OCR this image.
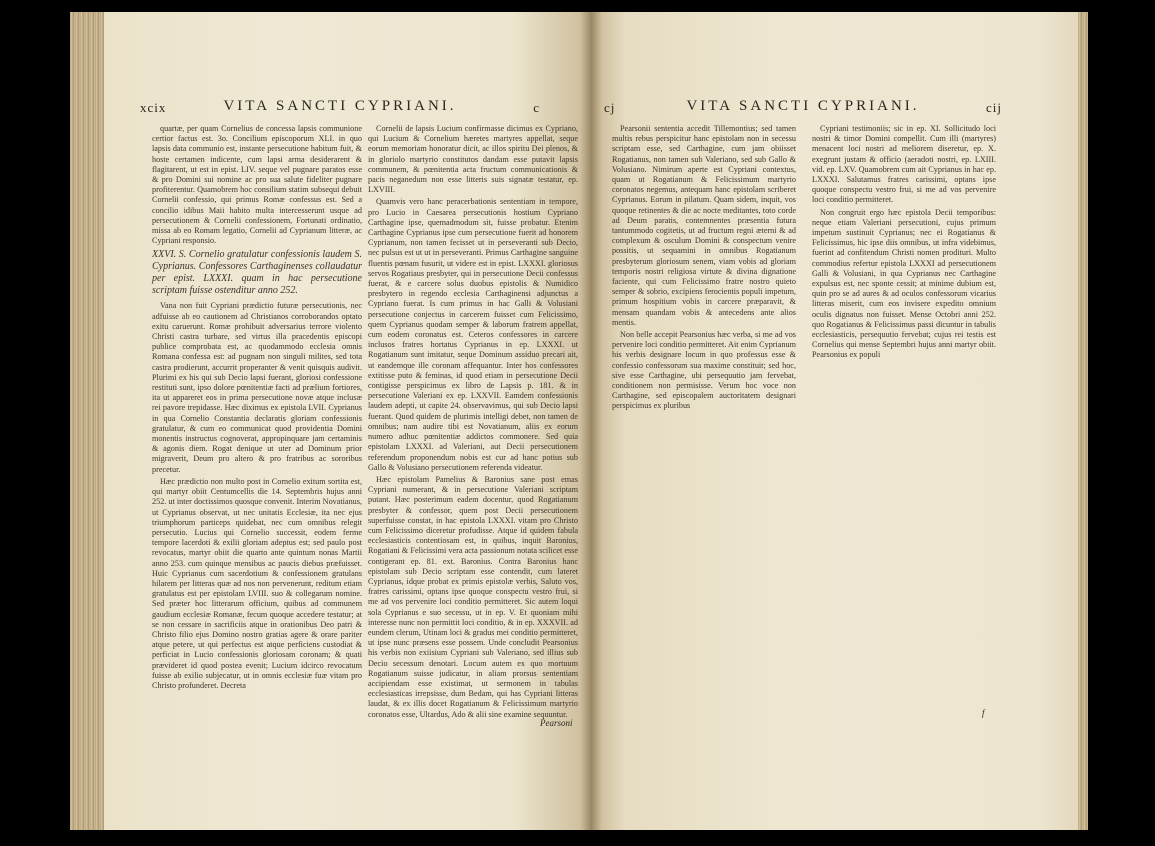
xcix	VITA SANCTI CYPRIANI.	c

quartæ, per quam Cornelius de concessa lapsis communione certior factus est. 3o. Concilium episcoporum XLI. in quo lapsis data communio est, instante persecutione habitum fuit, & hoste certamen indicente, cum lapsi arma desiderarent & flagitarent, ut est in epist. LIV. seque vel pugnare paratos esse & pro Domini sui nomine ac pro sua salute fideliter pugnare profiterentur. Quamobrem hoc consilium statim subsequi debuit Cornelii confessio, qui primus Romæ confessus est. Sed a concilio idibus Maii habito multa intercesserunt usque ad persecutionem & Cornelii confessionem, Fortunati ordinatio, missa ab eo Romam legatio, Cornelii ad Cyprianum litteræ, ac Cypriani responsio.

XXVI. S. Cornelio gratulatur confessionis laudem S. Cyprianus. Confessores Carthaginenses collaudatur per epist. LXXXI. quam in hac persecutione scriptam fuisse ostenditur anno 252.

Vana non fuit Cypriani prædictio futuræ persecutionis, nec adfuisse ab eo cautionem ad Christianos corroborandos optato exitu caruerunt. Romæ prohibuit adversarius terrore violento Christi castra turbare, sed virtus illa pracedentis episcopi publice comprobata est, ac quodammodo ecclesia omnis Romana confessa est: ad pugnam non singuli milites, sed tota castra prodierunt, accurrit properanter & venit quisquis audivit. Plurimi ex his qui sub Decio lapsi fuerant, gloriosi confessione restituti sunt, ipso dolore pœnitentiæ facti ad prælium fortiores, ita ut appareret eos in prima persecutione novæ atque inclusæ rei pavore trepidasse. Hæc diximus ex epistola LVII. Cyprianus in qua Cornelio Constantia declaratis gloriam confessionis gratulatur, & cum eo communicat quod providentia Domini monentis instructus cognoverat, appropinquare jam certaminis & agonis diem. Rogat denique ut uter ad Dominum prior migraverit, Deum pro altero & pro fratribus ac sororibus precetur.

Hæc prædictio non multo post in Cornelio exitum sortita est, qui martyr obiit Centumcellis die 14. Septembris hujus anni 252. ut inter doctissimos quosque convenit. Interim Novatianus, ut Cyprianus observat, ut nec unitatis Ecclesiæ, ita nec ejus triumphorum particeps quidebat, nec cum omnibus relegit persecutio. Lucius qui Cornelio successit, eodem ferme tempore lacerdoti & exilii gloriam adeptus est; sed paulo post revocatus, martyr obiit die quarto ante quintum nonas Martii anno 253. cum quinque mensibus ac paucis diebus præfuisset. Huic Cyprianus cum sacerdotium & confessionem gratulans hilarem per litteras quæ ad nos non pervenerunt, reditum etiam gratulatus est per epistolam LVIII. suo & collegarum nomine. Sed præter hoc litterarum officium, quibus ad communem gaudium ecclesiæ Romanæ, fecum quoque accedere testatur; at se non cessare in sacrificiis atque in orationibus Deo patri & Christo filio ejus Domino nostro gratias agere & orare pariter atque petere, ut qui perfectus est atque perficiens custodiat & perficiat in Lucio confessionis gloriosam coronam; & quati prævideret id quod postea evenit; Lucium idcirco revocatum fuisse ab exilio subjecatur, ut in omnis ecclesiæ fuæ vitam pro Christo profunderet. Decreta

Cornelii de lapsis Lucium confirmasse dicimus ex Cypriano, qui Lucium & Cornelium hæretes martyres appellat, seque eorum memoriam honoratur dicit, ac illos spiritu Dei plenos, & in gloriolo martyrio constitutos dandam esse putavit lapsis communem, & pœnitentia acta fructum communicationis & pacis neganedum non esse litteris suis signatæ testatur, ep. LXVIII.

Quamvis vero hanc peracerbationis sententiam in tempore, pro Lucio in Caesarea persecutionis hostium Cypriano Carthagine ipse, quemadmodum sit, fuisse probatur. Etenim Carthagine Cyprianus ipse cum persecutione fuerit ad honorem Cyprianum, non tamen fecisset ut in perseveranti sub Decio, nec pulsus est ut ut in perseveranti. Primus Carthagine sanguine fluentis pœnam fusurit, ut videre est in epist. LXXXI. gloriosus servos Rogatiaus presbyter, qui in persecutione Decii confessus fuerat, & e carcere solus duobus epistolis & Numidico presbytero in regendo ecclesia Carthaginensi adjunctus a Cypriano fuerat. Is cum primus in hac Galli & Volusiani persecutione conjectus in carcerem fuisset cum Felicissimo, quem Cyprianus quodam semper & laborum fratrem appellat, cum eodem coronatus est. Ceteros confessores in carcere inclusos fratres hortatus Cyprianus in ep. LXXXI. ut Rogatianum sunt imitatur, seque Dominum assiduo precari ait, ut eandemque ille coronam affequantur. Inter hos confessores extitisse puto & feminas, id quod etiam in persecutione Decii contigisse perspicimus ex libro de Lapsis p. 181. & in persecutione Valeriani ex ep. LXXVII. Eamdem confessionis laudem adepti, ut capite 24. observavimus, qui sub Decio lapsi fuerant. Quod quidem de plurimis intelligi debet, non tamen de omnibus; nam audire tibi est Novatianum, aliis ex eorum numero adhuc pœnitentiæ addictos commonere. Sed quia epistolam LXXXI. ad Valeriani, aut Decii persecutionem referendum proponendum nobis est cur ad hanc potius sub Gallo & Volusiano persecutionem referenda videatur.

Hæc epistolam Pamelius & Baronius sane post emas Cypriani numerant, & in persecutione Valeriani scriptam putant. Hæc posterimum eadem docentur, quod Rogatianum presbyter & confessor, quem post Decii persecutionem superfuisse constat, in hac epistola LXXXI. vitam pro Christo cum Felicissimo diceretur profudisse. Atque id quidem fabula ecclesiasticis contentiosam est, in quibus, inquit Baronius, Rogatiani & Felicissimi vera acta passionum notata scilicet esse contigerant ep. 81. ext. Baronius. Contra Baronius hanc epistolam sub Decio scriptam esse contendit, cum lateret Cyprianus, idque probat ex primis epistolæ verbis, Saluto vos, fratres carissimi, optans ipse quoque conspectu vestro frui, si me ad vos pervenire loci conditio permitteret. Sic autem loqui sola Cyprianus e suo secessu, ut in ep. V. Et quoniam mihi interesse nunc non permittit loci conditio, & in ep. XXXVII. ad eundem clerum, Utinam loci & gradus mei conditio permitteret, ut ipse nunc præsens esse possem. Unde concludit Pearsonius his verbis non exiisium Cypriani sub Valeriano, sed illius sub Decio secessum denotari. Locum autem ex quo mortuum Rogatianum suisse judicatur, in aliam prorsus sententiam accipiendam esse existimat, ut sermonem in tabulas ecclesiasticas irrepsisse, dum Bedam, qui has Cypriani litteras laudat, & ex illis docet Rogatianum & Felicissimum martyrio coronatos esse, Ultardus, Ado & alii sine examine sequuntur.

Pearsoni
cj	VITA SANCTI CYPRIANI.	cij

Pearsonii sententia accedit Tillemontius; sed tamen multis rebus perspicitur hanc epistolam non in secessu scriptam esse, sed Carthagine, cum jam obiisset Rogatianus, non tamen sub Valeriano, sed sub Gallo & Volusiano. Nimirum aperte est Cypriani contextus, quam ut Rogatianum & Felicissimum martyrio coronatos negemus, antequam hanc epistolam scriberet Cyprianus. Eorum in pilatum. Quam sidem, inquit, vos quoque retinentes & die ac nocte meditantes, toto corde ad Deum paratis, contemnentes præsentia futura tantummodo cogitetis, ut ad fructum regni æterni & ad complexum & osculum Domini & conspectum venire possitis, ut sequamini in omnibus Rogatianum presbyterum gloriosum senem, viam vobis ad gloriam temporis nostri religiosa virtute & divina dignatione faciente, qui cum Felicissimo fratre nostro quieto semper & sobrio, excipiens ferocientis populi impetum, primum hospitium vobis in carcere præparavit, & mensam quandam vobis & antecedens ante alios mentis.

Non belle accepit Pearsonius hæc verba, si me ad vos pervenire loci conditio permitteret. Ait enim Cyprianum his verbis designare locum in quo professus esse & confessio confessorum sua maxime constituit; sed hoc, sive esse Carthagine, ubi persequutio jam fervebat, conditionem non permisisse. Verum hoc voce non Carthagine, sed episcopalem auctoritatem designari perspicimus ex pluribus

Cypriani testimoniis; sic in ep. XI. Sollicitudo loci nostri & timor Domini compellit. Cum illi (martyres) menacent loci nostri ad meliorem diseretur, ep. X. exegrunt justam & officio (aeradoti nostri, ep. LXIII. vid. ep. LXV. Quamobrem cum ait Cyprianus in hac ep. LXXXI. Salutamus fratres carissimi, optans ipse quoque conspectu vestro frui, si me ad vos pervenire loci conditio permitteret.

Non congruit ergo hæc epistola Decii temporibus: neque etiam Valeriani persecutioni, cujus primum impetum sustinuit Cyprianus; nec ei Rogatianus & Felicissimus, hic ipse diis omnibus, ut infra videbimus, fuerint ad confitendum Christi nomen prodituri. Multo commodius refertur epistola LXXXI ad persecutionem Galli & Volusiani, in qua Cyprianus nec Carthagine expulsus est, nec sponte cessit; at minime dubium est, quin pro se ad aures & ad oculos confessorum vicarius litteras miserit, cum eos invisere expedito omnium oculis dignatus non fuisset. Mense Octobri anni 252. quo Rogatianus & Felicissimus passi dicuntur in tabulis ecclesiasticis, persequutio fervebat; cujus rei testis est Cornelius qui mense Septembri hujus anni martyr obiit. Pearsonius ex populi

f
